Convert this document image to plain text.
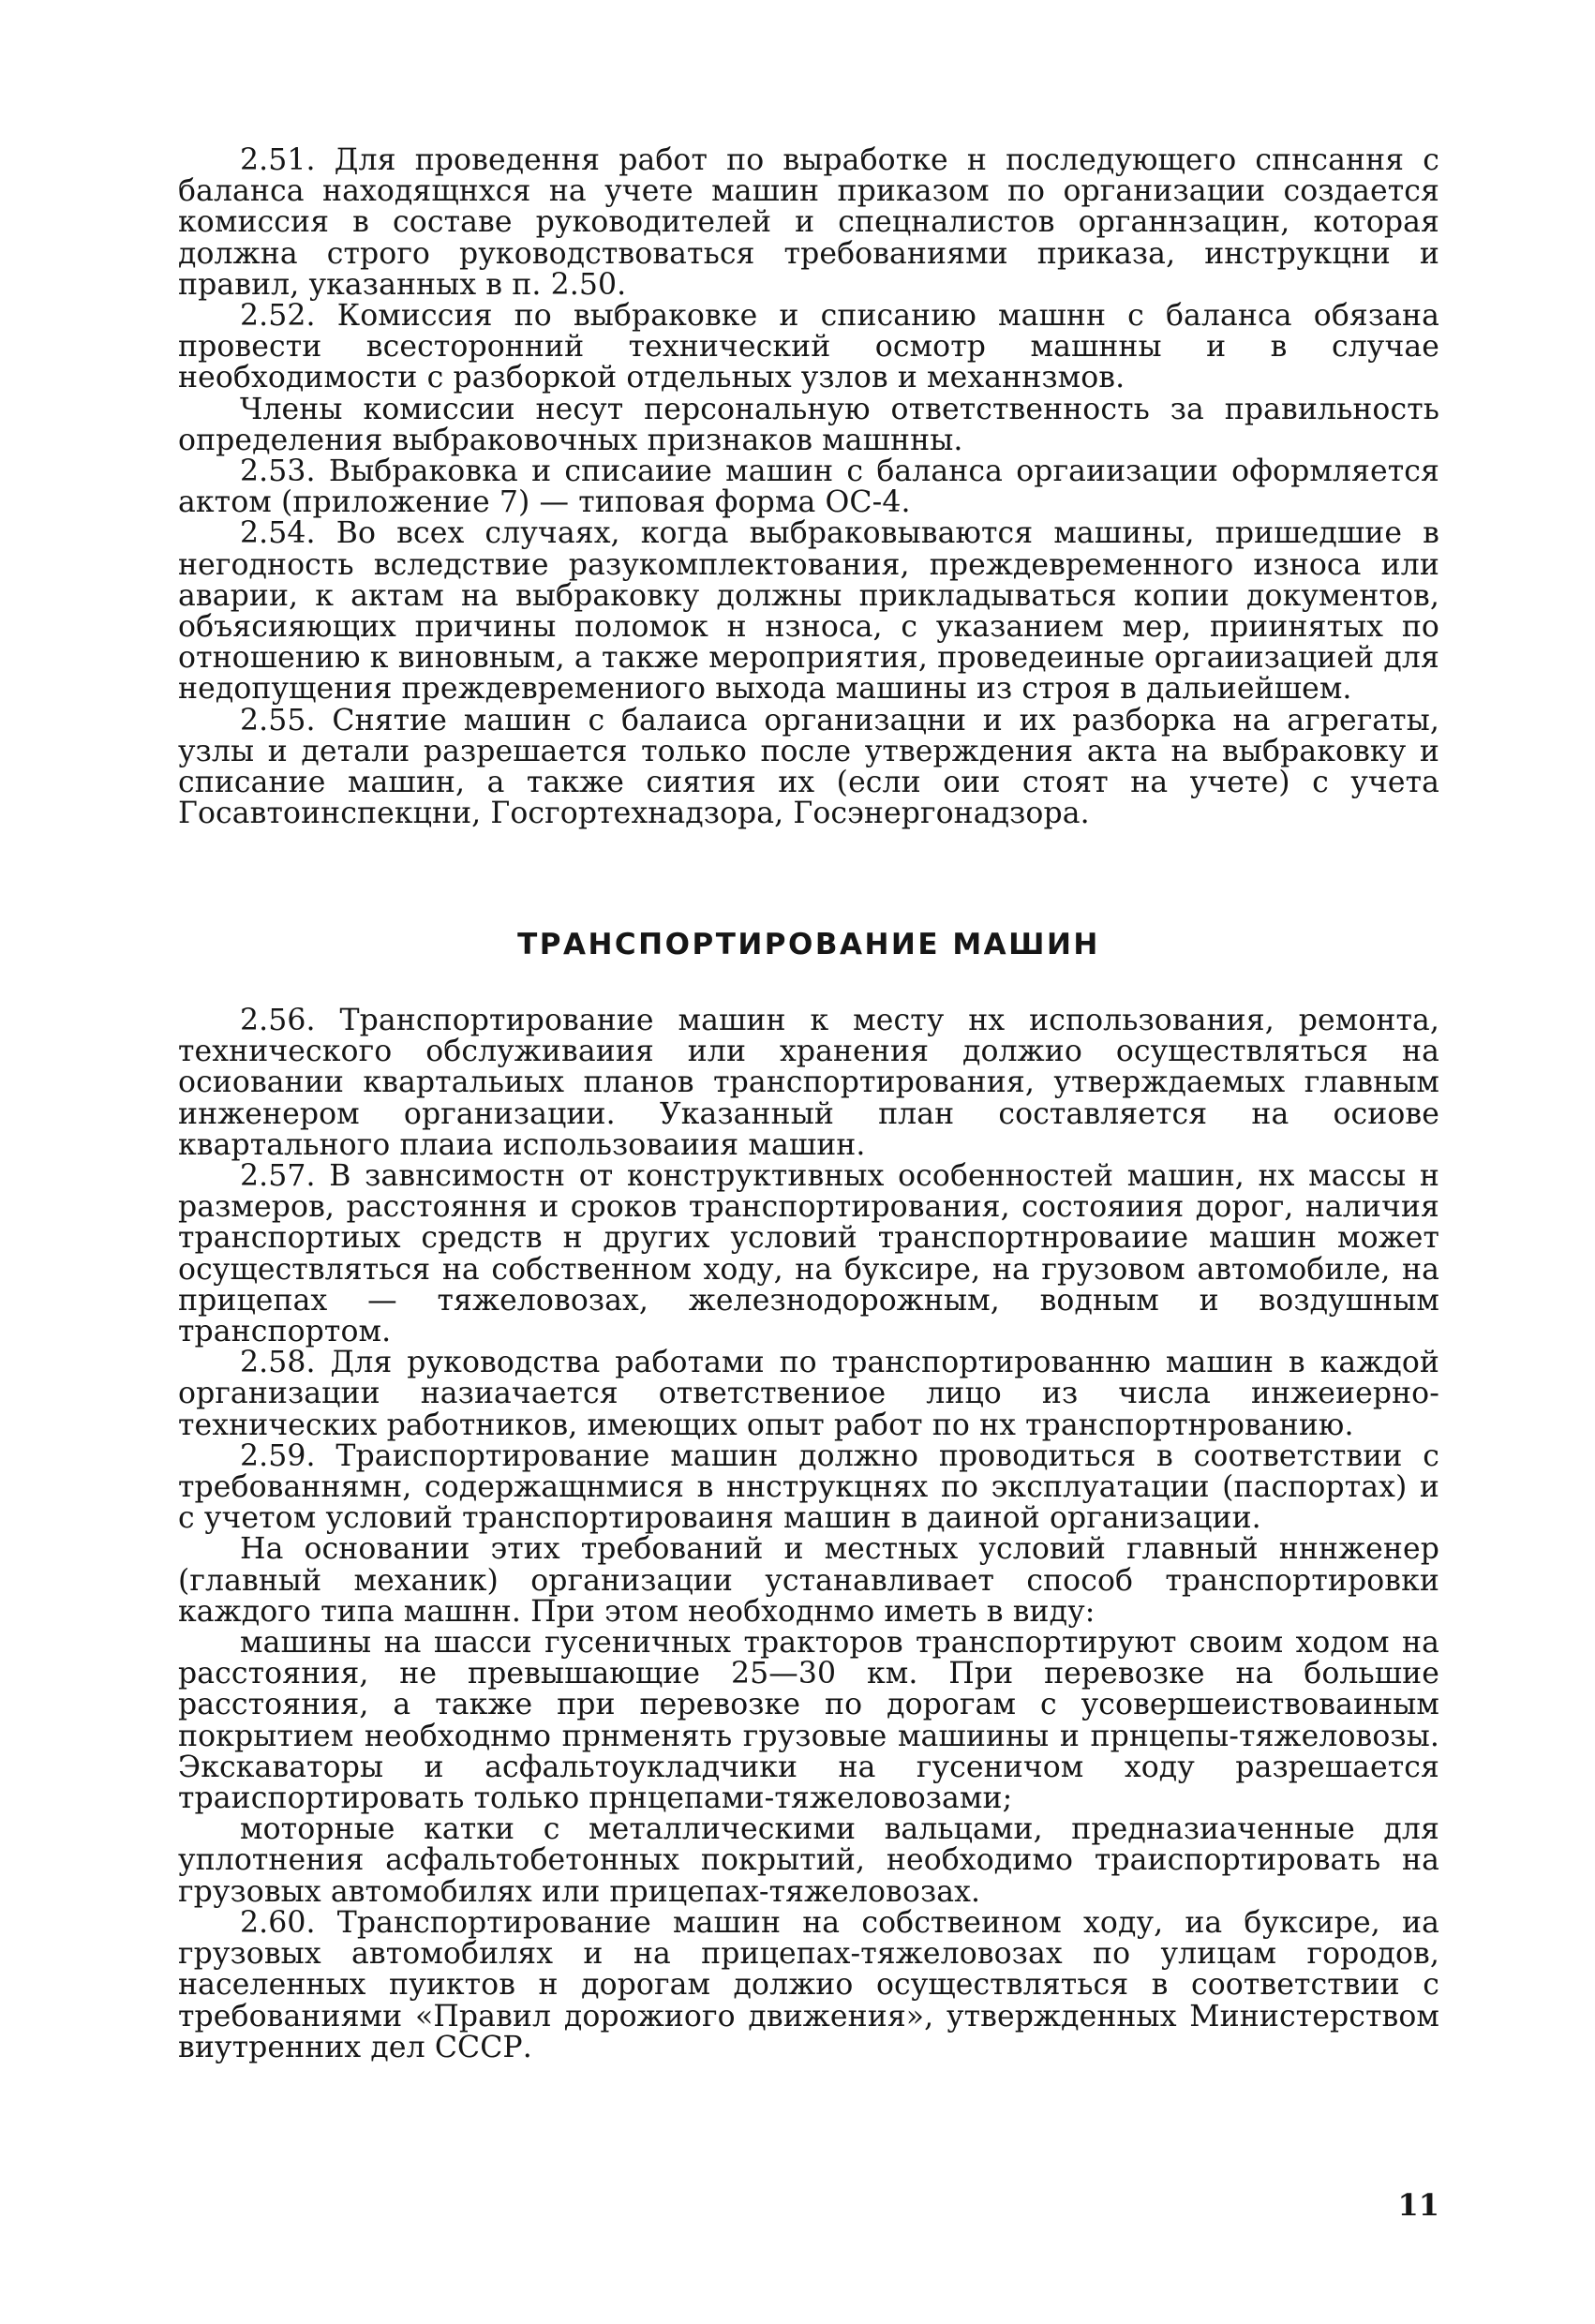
2.51. Для проведення работ по выработке н последующего спнсання с баланса находящнхся на учете машин приказом по организации создается комиссия в составе руководителей и спецналистов органнзацин, которая должна строго руководствоваться требованиями приказа, инструкцни и правил, указанных в п. 2.50.

2.52. Комиссия по выбраковке и списанию машнн с баланса обязана провести всесторонний технический осмотр машнны и в случае необходимости с разборкой отдельных узлов и механнзмов.

Члены комиссии несут персональную ответственность за правильность определения выбраковочных признаков машнны.

2.53. Выбраковка и списаиие машин с баланса оргаиизации оформляется актом (приложение 7) — типовая форма ОС-4.

2.54. Во всех случаях, когда выбраковываются машины, пришедшие в негодность вследствие разукомплектования, преждевременного износа или аварии, к актам на выбраковку должны прикладываться копии документов, объясияющих причины поломок н нзноса, с указанием мер, приинятых по отношению к виновным, а также мероприятия, проведеиные оргаиизацией для недопущения преждевремениого выхода машины из строя в дальиейшем.

2.55. Снятие машин с балаиса организацни и их разборка на агрегаты, узлы и детали разрешается только после утверждения акта на выбраковку и списание машин, а также сиятия их (если оии стоят на учете) с учета Госавтоинспекцни, Госгортехнадзора, Госэнергонадзора.

ТРАНСПОРТИРОВАНИЕ МАШИН

2.56. Транспортирование машин к месту нх использования, ремонта, технического обслуживаиия или хранения должио осуществляться на осиовании квартальиых планов транспортирования, утверждаемых главным инженером организации. Указанный план составляется на осиове квартального плаиа использоваиия машин.

2.57. В завнсимостн от конструктивных особенностей машин, нх массы н размеров, расстояння и сроков транспортирования, состояиия дорог, наличия транспортиых средств н других условий транспортнроваиие машин может осуществляться на собственном ходу, на буксире, на грузовом автомобиле, на прицепах — тяжеловозах, железнодорожным, водным и воздушным транспортом.

2.58. Для руководства работами по транспортированню машин в каждой организации назиачается ответствениое лицо из числа инжеиерно-технических работников, имеющих опыт работ по нх транспортнрованию.

2.59. Траиспортирование машин должно проводиться в соответствии с требованнямн, содержащнмися в ннструкцнях по эксплуатации (паспортах) и с учетом условий транспортироваиня машин в даиной организации.

На основании этих требований и местных условий главный нннженер (главный механик) организации устанавливает способ транспортировки каждого типа машнн. При этом необходнмо иметь в виду:

машины на шасси гусеничных тракторов транспортируют своим ходом на расстояния, не превышающие 25—30 км. При перевозке на большие расстояния, а также при перевозке по дорогам с усовершеиствоваиным покрытием необходнмо прнменять грузовые машиины и прнцепы-тяжеловозы. Экскаваторы и асфальтоукладчики на гусеничом ходу разрешается траиспортировать только прнцепами-тяжеловозами;

моторные катки с металлическими вальцами, предназиаченные для уплотнения асфальтобетонных покрытий, необходимо траиспортировать на грузовых автомобилях или прицепах-тяжеловозах.

2.60. Транспортирование машин на собствеином ходу, иа буксире, иа грузовых автомобилях и на прицепах-тяжеловозах по улицам городов, населенных пуиктов н дорогам должио осуществляться в соответствии с требованиями «Правил дорожиого движения», утвержденных Министерством виутренних дел СССР.

11
